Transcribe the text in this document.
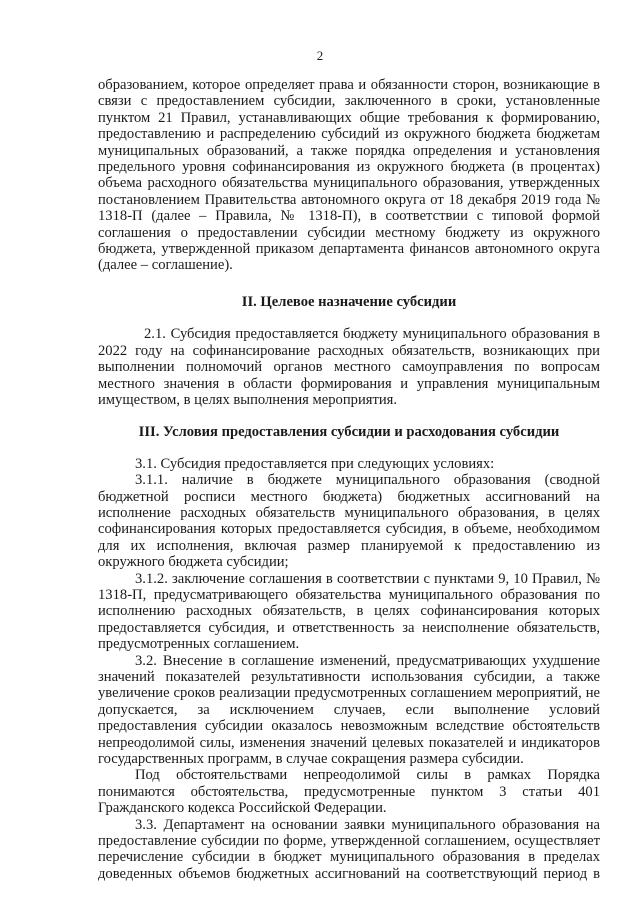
2

образованием, которое определяет права и обязанности сторон, возникающие в связи с предоставлением субсидии, заключенного в сроки, установленные пунктом 21 Правил, устанавливающих общие требования к формированию, предоставлению и распределению субсидий из окружного бюджета бюджетам муниципальных образований, а также порядка определения и установления предельного уровня софинансирования из окружного бюджета (в процентах) объема расходного обязательства муниципального образования, утвержденных постановлением Правительства автономного округа от 18 декабря 2019 года № 1318-П (далее – Правила, № 1318-П), в соответствии с типовой формой соглашения о предоставлении субсидии местному бюджету из окружного бюджета, утвержденной приказом департамента финансов автономного округа (далее – соглашение).

II. Целевое назначение субсидии

2.1. Субсидия предоставляется бюджету муниципального образования в 2022 году на софинансирование расходных обязательств, возникающих при выполнении полномочий органов местного самоуправления по вопросам местного значения в области формирования и управления муниципальным имуществом, в целях выполнения мероприятия.

III. Условия предоставления субсидии и расходования субсидии

3.1. Субсидия предоставляется при следующих условиях:

3.1.1. наличие в бюджете муниципального образования (сводной бюджетной росписи местного бюджета) бюджетных ассигнований на исполнение расходных обязательств муниципального образования, в целях софинансирования которых предоставляется субсидия, в объеме, необходимом для их исполнения, включая размер планируемой к предоставлению из окружного бюджета субсидии;

3.1.2. заключение соглашения в соответствии с пунктами 9, 10 Правил, № 1318-П, предусматривающего обязательства муниципального образования по исполнению расходных обязательств, в целях софинансирования которых предоставляется субсидия, и ответственность за неисполнение обязательств, предусмотренных соглашением.

3.2. Внесение в соглашение изменений, предусматривающих ухудшение значений показателей результативности использования субсидии, а также увеличение сроков реализации предусмотренных соглашением мероприятий, не допускается, за исключением случаев, если выполнение условий предоставления субсидии оказалось невозможным вследствие обстоятельств непреодолимой силы, изменения значений целевых показателей и индикаторов государственных программ, в случае сокращения размера субсидии.

Под обстоятельствами непреодолимой силы в рамках Порядка понимаются обстоятельства, предусмотренные пунктом 3 статьи 401 Гражданского кодекса Российской Федерации.

3.3. Департамент на основании заявки муниципального образования на предоставление субсидии по форме, утвержденной соглашением, осуществляет перечисление субсидии в бюджет муниципального образования в пределах доведенных объемов бюджетных ассигнований на соответствующий период в
